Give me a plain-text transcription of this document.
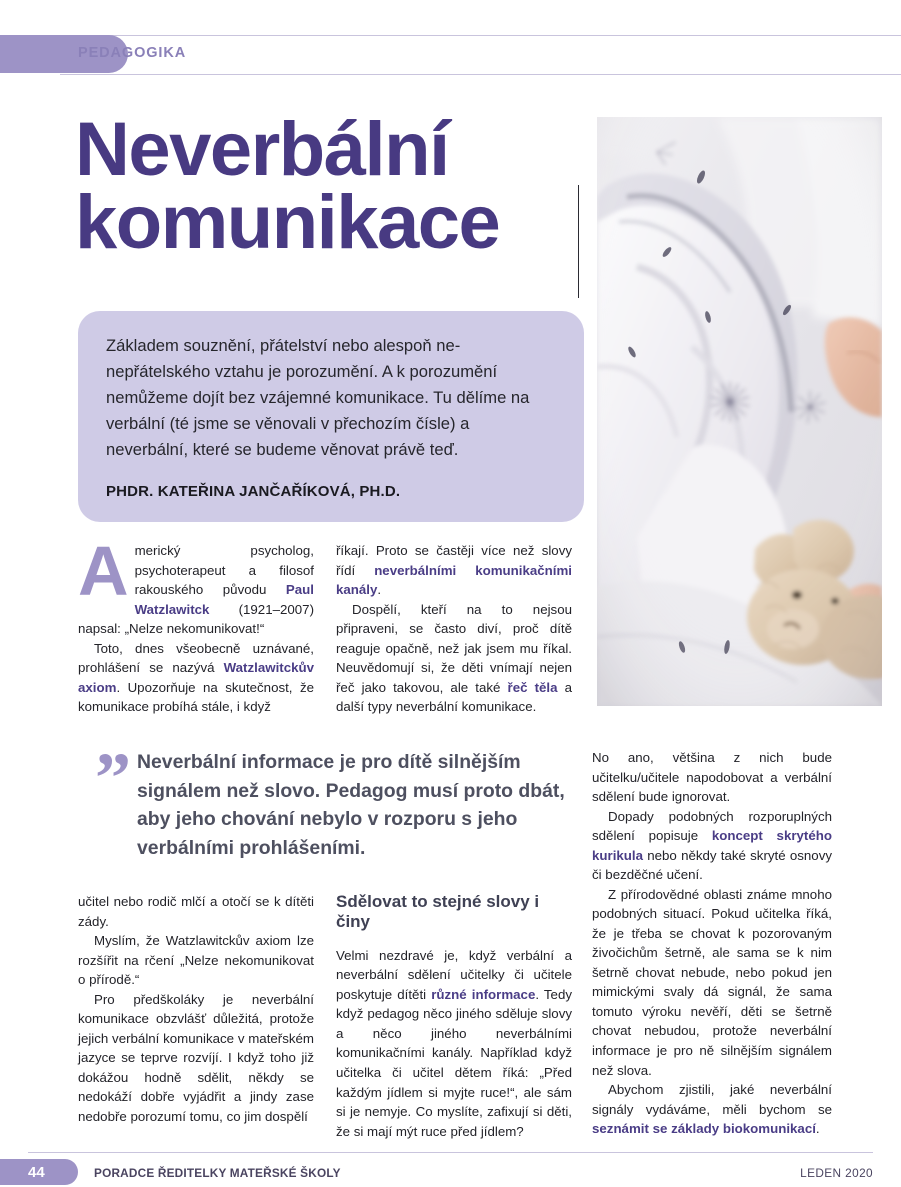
PEDAGOGIKA
Neverbální
komunikace

Základem souznění, přátelství nebo alespoň ne-nepřátelského vztahu je porozumění. A k porozumění nemůžeme dojít bez vzájemné komunikace. Tu dělíme na verbální (té jsme se věnovali v přechozím čísle) a neverbální, které se budeme věnovat právě teď.

PHDR. KATEŘINA JANČAŘÍKOVÁ, PH.D.

Americký psycholog, psychoterapeut a filosof rakouského původu Paul Watzlawitck (1921–2007) napsal: „Nelze nekomunikovat!“

Toto, dnes všeobecně uznávané, prohlášení se nazývá Watzlawitckův axiom. Upozorňuje na skutečnost, že komunikace probíhá stále, i když

říkají. Proto se častěji více než slovy řídí neverbálními komunikačními kanály.

Dospělí, kteří na to nejsou připraveni, se často diví, proč dítě reaguje opačně, než jak jsem mu říkal. Neuvědomují si, že děti vnímají nejen řeč jako takovou, ale také řeč těla a další typy neverbální komunikace.

” Neverbální informace je pro dítě silnějším signálem než slovo. Pedagog musí proto dbát, aby jeho chování nebylo v rozporu s jeho verbálními prohlášeními.

učitel nebo rodič mlčí a otočí se k dítěti zády.

Myslím, že Watzlawitckův axiom lze rozšířit na rčení „Nelze nekomunikovat o přírodě.“

Pro předškoláky je neverbální komunikace obzvlášť důležitá, protože jejich verbální komunikace v mateřském jazyce se teprve rozvíjí. I když toho již dokážou hodně sdělit, někdy se nedokáží dobře vyjádřit a jindy zase nedobře porozumí tomu, co jim dospělí

Sdělovat to stejné slovy i činy

Velmi nezdravé je, když verbální a neverbální sdělení učitelky či učitele poskytuje dítěti různé informace. Tedy když pedagog něco jiného sděluje slovy a něco jiného neverbálními komunikačními kanály. Například když učitelka či učitel dětem říká: „Před každým jídlem si myjte ruce!“, ale sám si je nemyje. Co myslíte, zafixují si děti, že si mají mýt ruce před jídlem?

No ano, většina z nich bude učitelku/učitele napodobovat a verbální sdělení bude ignorovat.

Dopady podobných rozporuplných sdělení popisuje koncept skrytého kurikula nebo někdy také skryté osnovy či bezděčné učení.

Z přírodovědné oblasti známe mnoho podobných situací. Pokud učitelka říká, že je třeba se chovat k pozorovaným živočichům šetrně, ale sama se k nim šetrně chovat nebude, nebo pokud jen mimickými svaly dá signál, že sama tomuto výroku nevěří, děti se šetrně chovat nebudou, protože neverbální informace je pro ně silnějším signálem než slova.

Abychom zjistili, jaké neverbální signály vydáváme, měli bychom se seznámit se základy biokomunikací.

44	PORADCE ŘEDITELKY MATEŘSKÉ ŠKOLY	LEDEN 2020
